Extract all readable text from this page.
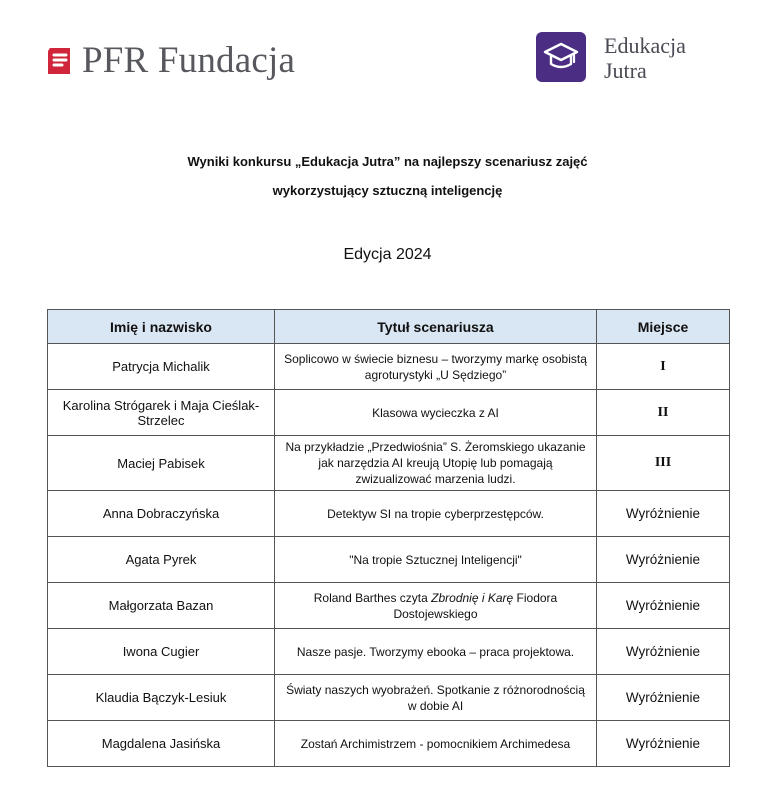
PFR Fundacja	Edukacja
Jutra
Wyniki konkursu „Edukacja Jutra” na najlepszy scenariusz zajęć
wykorzystujący sztuczną inteligencję
Edycja 2024
Imię i nazwisko	Tytuł scenariusza	Miejsce
Patrycja Michalik	Soplicowo w świecie biznesu – tworzymy markę osobistą agroturystyki „U Sędziego”	I
Karolina Strógarek i Maja Cieślak-Strzelec	Klasowa wycieczka z AI	II
Maciej Pabisek	Na przykładzie „Przedwiośnia” S. Żeromskiego ukazanie jak narzędzia AI kreują Utopię lub pomagają zwizualizować marzenia ludzi.	III
Anna Dobraczyńska	Detektyw SI na tropie cyberprzestępców.	Wyróżnienie
Agata Pyrek	"Na tropie Sztucznej Inteligencji"	Wyróżnienie
Małgorzata Bazan	Roland Barthes czyta Zbrodnię i Karę Fiodora Dostojewskiego	Wyróżnienie
Iwona Cugier	Nasze pasje. Tworzymy ebooka – praca projektowa.	Wyróżnienie
Klaudia Bączyk-Lesiuk	Światy naszych wyobrażeń. Spotkanie z różnorodnością w dobie AI	Wyróżnienie
Magdalena Jasińska	Zostań Archimistrzem - pomocnikiem Archimedesa	Wyróżnienie
